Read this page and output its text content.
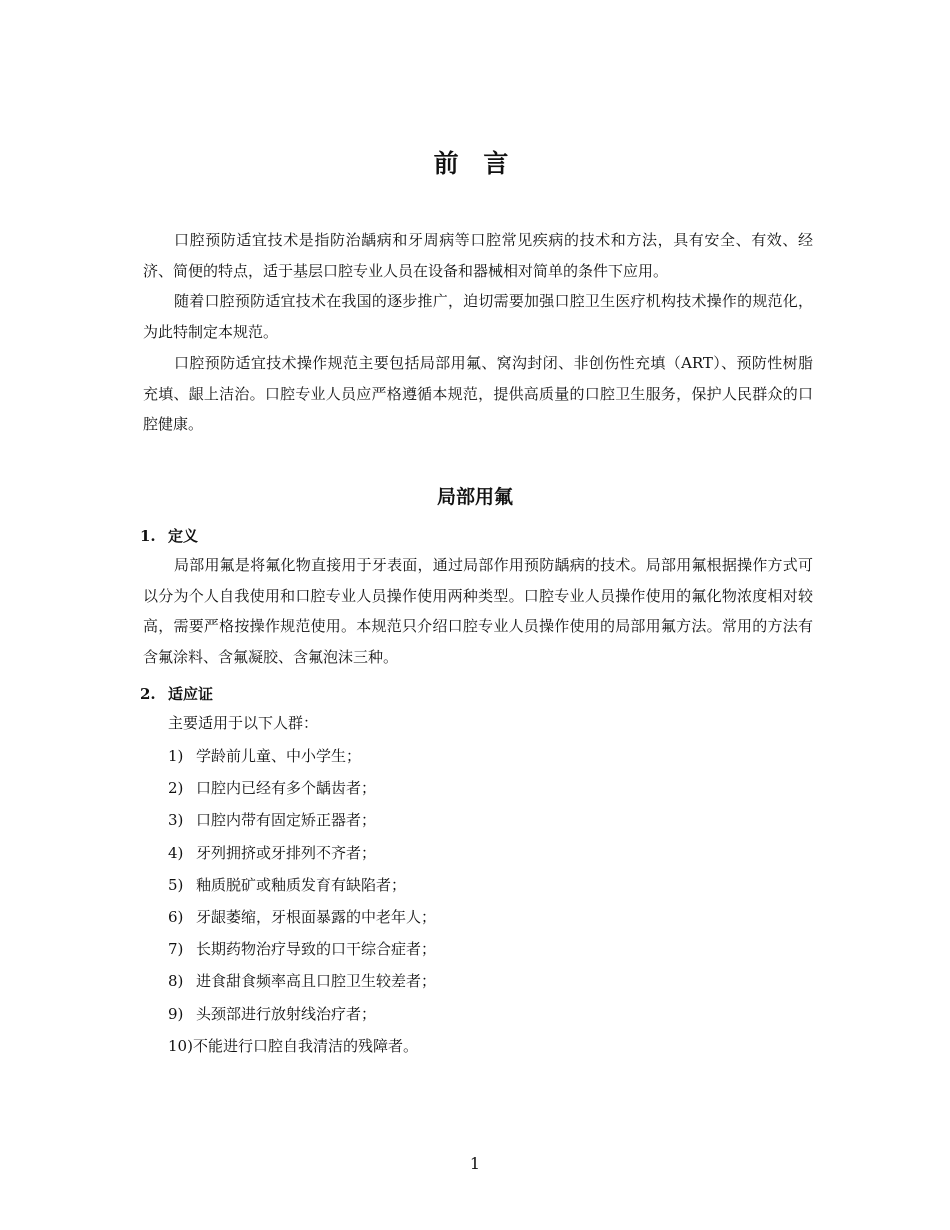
前 言

口腔预防适宜技术是指防治龋病和牙周病等口腔常见疾病的技术和方法，具有安全、有效、经济、简便的特点，适于基层口腔专业人员在设备和器械相对简单的条件下应用。

随着口腔预防适宜技术在我国的逐步推广，迫切需要加强口腔卫生医疗机构技术操作的规范化，为此特制定本规范。

口腔预防适宜技术操作规范主要包括局部用氟、窝沟封闭、非创伤性充填（ART）、预防性树脂充填、龈上洁治。口腔专业人员应严格遵循本规范，提供高质量的口腔卫生服务，保护人民群众的口腔健康。

局部用氟
1. 定义

局部用氟是将氟化物直接用于牙表面，通过局部作用预防龋病的技术。局部用氟根据操作方式可以分为个人自我使用和口腔专业人员操作使用两种类型。口腔专业人员操作使用的氟化物浓度相对较高，需要严格按操作规范使用。本规范只介绍口腔专业人员操作使用的局部用氟方法。常用的方法有含氟涂料、含氟凝胶、含氟泡沫三种。

2. 适应证
主要适用于以下人群：
1) 学龄前儿童、中小学生；
2) 口腔内已经有多个龋齿者；
3) 口腔内带有固定矫正器者；
4) 牙列拥挤或牙排列不齐者；
5) 釉质脱矿或釉质发育有缺陷者；
6) 牙龈萎缩，牙根面暴露的中老年人；
7) 长期药物治疗导致的口干综合症者；
8) 进食甜食频率高且口腔卫生较差者；
9) 头颈部进行放射线治疗者；
10)不能进行口腔自我清洁的残障者。
1
